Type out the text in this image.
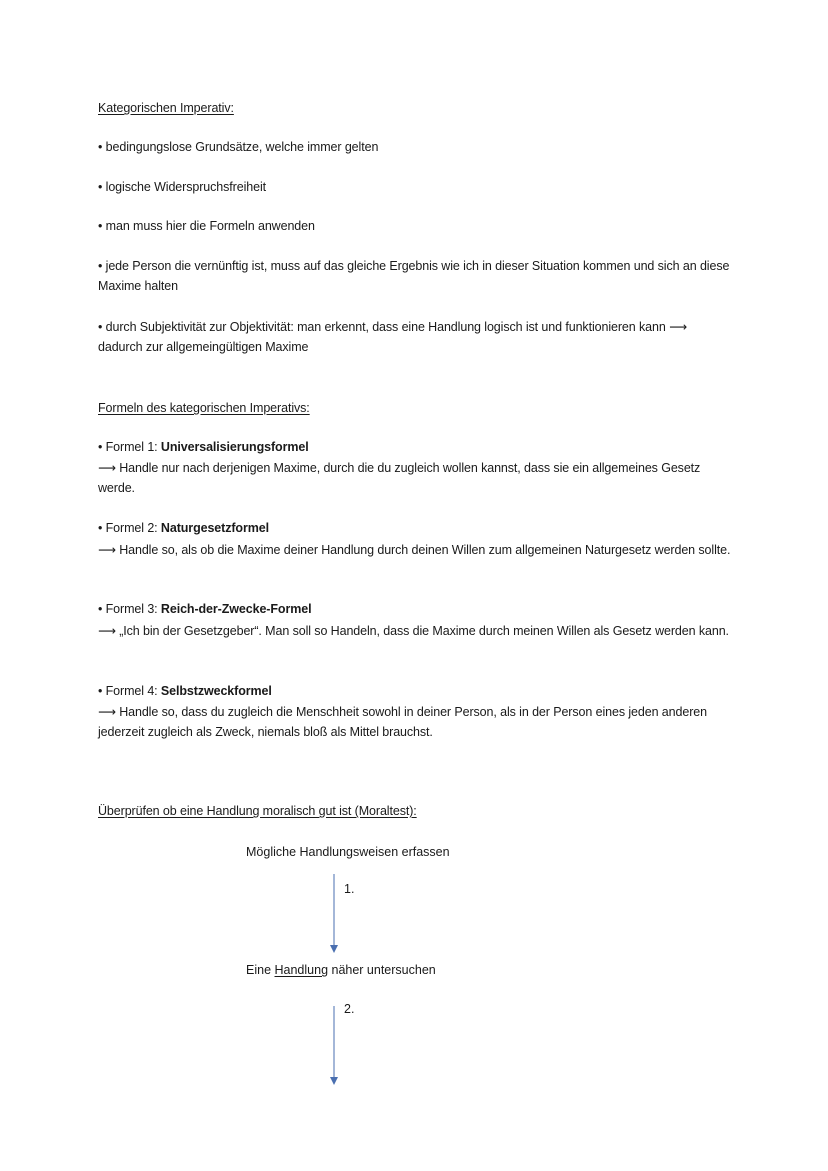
Kategorischen Imperativ:
• bedingungslose Grundsätze, welche immer gelten
• logische Widerspruchsfreiheit
• man muss hier die Formeln anwenden
• jede Person die vernünftig ist, muss auf das gleiche Ergebnis wie ich in dieser Situation kommen und sich an diese Maxime halten
• durch Subjektivität zur Objektivität: man erkennt, dass eine Handlung logisch ist und funktionieren kann ⟶ dadurch zur allgemeingültigen Maxime
Formeln des kategorischen Imperativs:
• Formel 1: Universalisierungsformel
⟶ Handle nur nach derjenigen Maxime, durch die du zugleich wollen kannst, dass sie ein allgemeines Gesetz werde.
• Formel 2: Naturgesetzformel
⟶ Handle so, als ob die Maxime deiner Handlung durch deinen Willen zum allgemeinen Naturgesetz werden sollte.
• Formel 3: Reich-der-Zwecke-Formel
⟶ „Ich bin der Gesetzgeber“. Man soll so Handeln, dass die Maxime durch meinen Willen als Gesetz werden kann.
• Formel 4: Selbstzweckformel
⟶ Handle so, dass du zugleich die Menschheit sowohl in deiner Person, als in der Person eines jeden anderen jederzeit zugleich als Zweck, niemals bloß als Mittel brauchst.
Überprüfen ob eine Handlung moralisch gut ist (Moraltest):
Mögliche Handlungsweisen erfassen
1.
Eine Handlung näher untersuchen
2.
